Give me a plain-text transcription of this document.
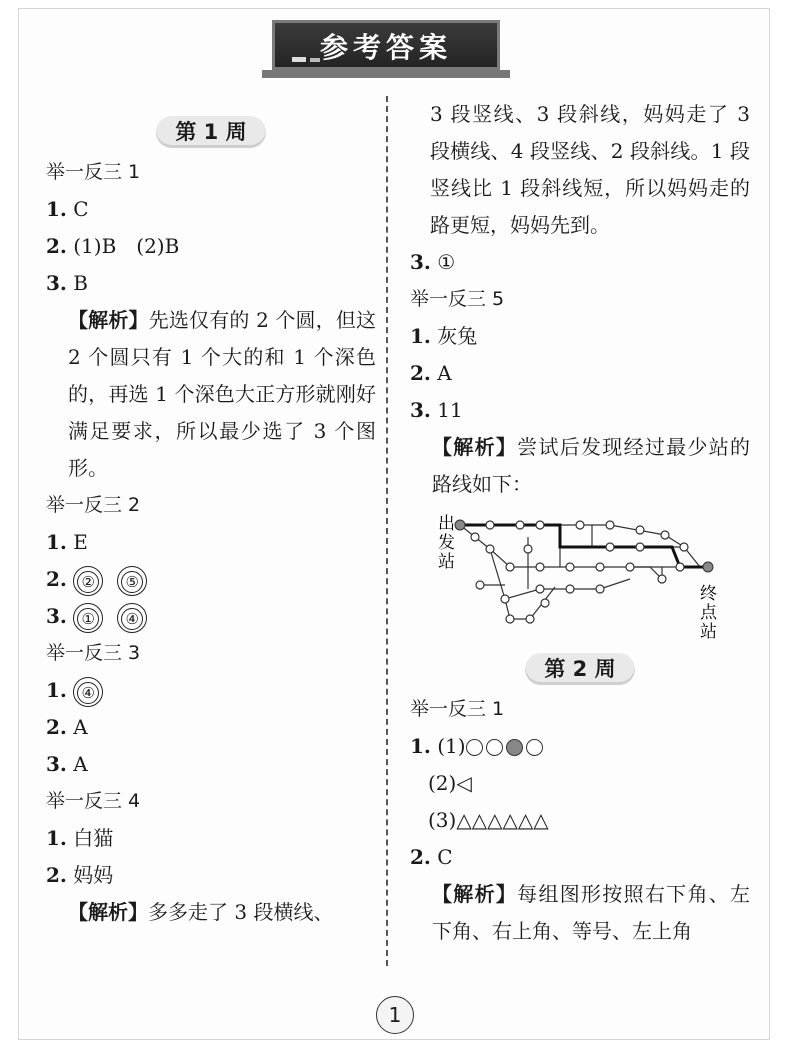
参考答案
第 1 周
举一反三 1
1. C
2. (1)B　(2)B
3. B
【解析】先选仅有的 2 个圆，但这 2 个圆只有 1 个大的和 1 个深色的，再选 1 个深色大正方形就刚好满足要求，所以最少选了 3 个图形。
举一反三 2
1. E
2. ② ⑤
3. ① ④
举一反三 3
1. ④
2. A
3. A
举一反三 4
1. 白猫
2. 妈妈
【解析】多多走了 3 段横线、
3 段竖线、3 段斜线，妈妈走了 3 段横线、4 段竖线、2 段斜线。1 段竖线比 1 段斜线短，所以妈妈走的路更短，妈妈先到。
3. ①
举一反三 5
1. 灰兔
2. A
3. 11
【解析】尝试后发现经过最少站的路线如下：
出
发
站
终
点
站
第 2 周
举一反三 1
1. (1)
(2)◁
(3)△△△△△△
2. C
【解析】每组图形按照右下角、左下角、右上角、等号、左上角
1
